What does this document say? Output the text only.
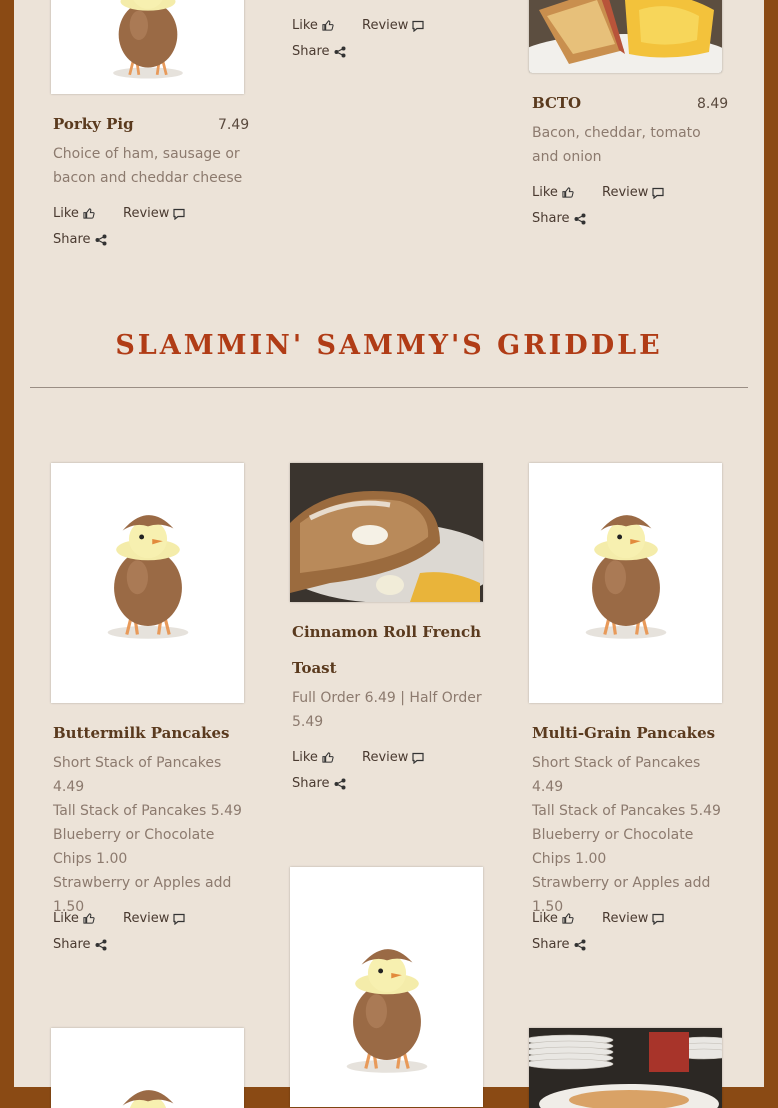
Porky Pig	7.49
Choice of ham, sausage or bacon and cheddar cheese
Like	Review
Share
Like	Review
Share
BCTO	8.49
Bacon, cheddar, tomato and onion
Like	Review
Share
SLAMMIN' SAMMY'S GRIDDLE
Buttermilk Pancakes
Short Stack of Pancakes 4.49
Tall Stack of Pancakes 5.49
Blueberry or Chocolate Chips 1.00
Strawberry or Apples add 1.50
Like	Review
Share
Cinnamon Roll French
Toast
Full Order 6.49 | Half Order 5.49
Like	Review
Share
Multi-Grain Pancakes
Short Stack of Pancakes 4.49
Tall Stack of Pancakes 5.49
Blueberry or Chocolate Chips 1.00
Strawberry or Apples add 1.50
Like	Review
Share
